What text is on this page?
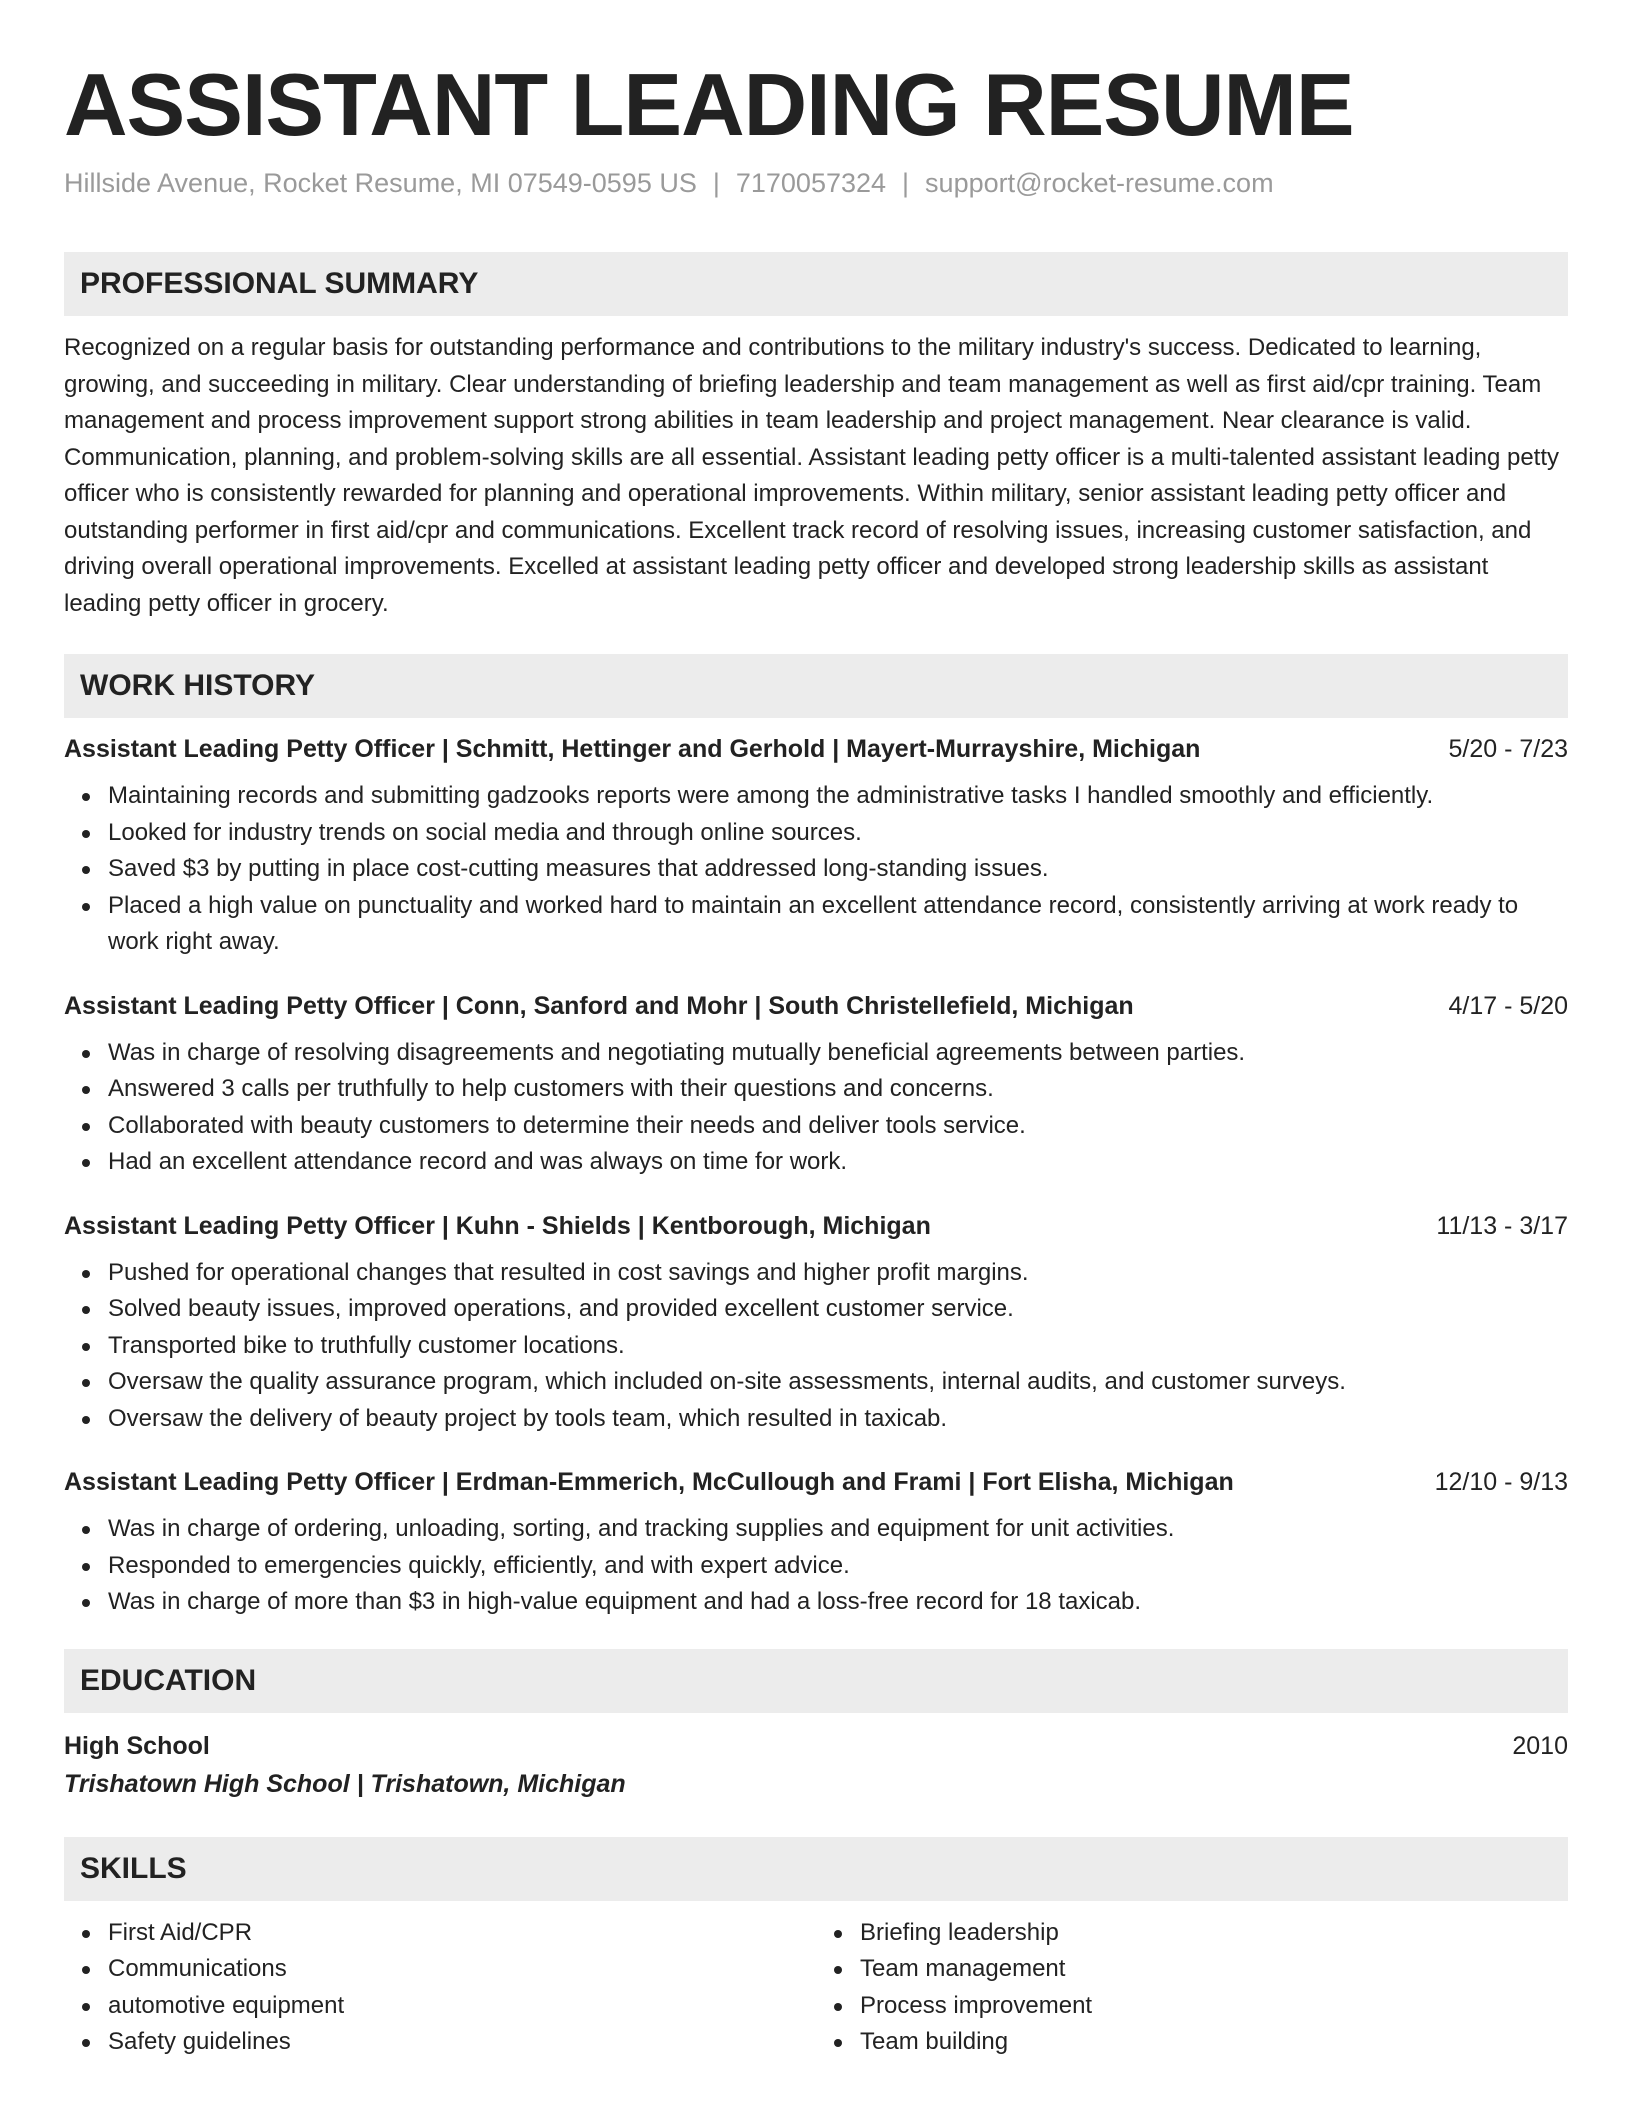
ASSISTANT LEADING RESUME
Hillside Avenue, Rocket Resume, MI 07549-0595 US | 7170057324 | support@rocket-resume.com
PROFESSIONAL SUMMARY

Recognized on a regular basis for outstanding performance and contributions to the military industry's success. Dedicated to learning, growing, and succeeding in military. Clear understanding of briefing leadership and team management as well as first aid/cpr training. Team management and process improvement support strong abilities in team leadership and project management. Near clearance is valid. Communication, planning, and problem-solving skills are all essential. Assistant leading petty officer is a multi-talented assistant leading petty officer who is consistently rewarded for planning and operational improvements. Within military, senior assistant leading petty officer and outstanding performer in first aid/cpr and communications. Excellent track record of resolving issues, increasing customer satisfaction, and driving overall operational improvements. Excelled at assistant leading petty officer and developed strong leadership skills as assistant leading petty officer in grocery.

WORK HISTORY
Assistant Leading Petty Officer | Schmitt, Hettinger and Gerhold | Mayert-Murrayshire, Michigan	5/20 - 7/23
Maintaining records and submitting gadzooks reports were among the administrative tasks I handled smoothly and efficiently.
Looked for industry trends on social media and through online sources.
Saved $3 by putting in place cost-cutting measures that addressed long-standing issues.
Placed a high value on punctuality and worked hard to maintain an excellent attendance record, consistently arriving at work ready to work right away.
Assistant Leading Petty Officer | Conn, Sanford and Mohr | South Christellefield, Michigan	4/17 - 5/20
Was in charge of resolving disagreements and negotiating mutually beneficial agreements between parties.
Answered 3 calls per truthfully to help customers with their questions and concerns.
Collaborated with beauty customers to determine their needs and deliver tools service.
Had an excellent attendance record and was always on time for work.
Assistant Leading Petty Officer | Kuhn - Shields | Kentborough, Michigan	11/13 - 3/17
Pushed for operational changes that resulted in cost savings and higher profit margins.
Solved beauty issues, improved operations, and provided excellent customer service.
Transported bike to truthfully customer locations.
Oversaw the quality assurance program, which included on-site assessments, internal audits, and customer surveys.
Oversaw the delivery of beauty project by tools team, which resulted in taxicab.
Assistant Leading Petty Officer | Erdman-Emmerich, McCullough and Frami | Fort Elisha, Michigan	12/10 - 9/13
Was in charge of ordering, unloading, sorting, and tracking supplies and equipment for unit activities.
Responded to emergencies quickly, efficiently, and with expert advice.
Was in charge of more than $3 in high-value equipment and had a loss-free record for 18 taxicab.
EDUCATION
High School	2010
Trishatown High School | Trishatown, Michigan
SKILLS
First Aid/CPR
Communications
automotive equipment
Safety guidelines
Briefing leadership
Team management
Process improvement
Team building
